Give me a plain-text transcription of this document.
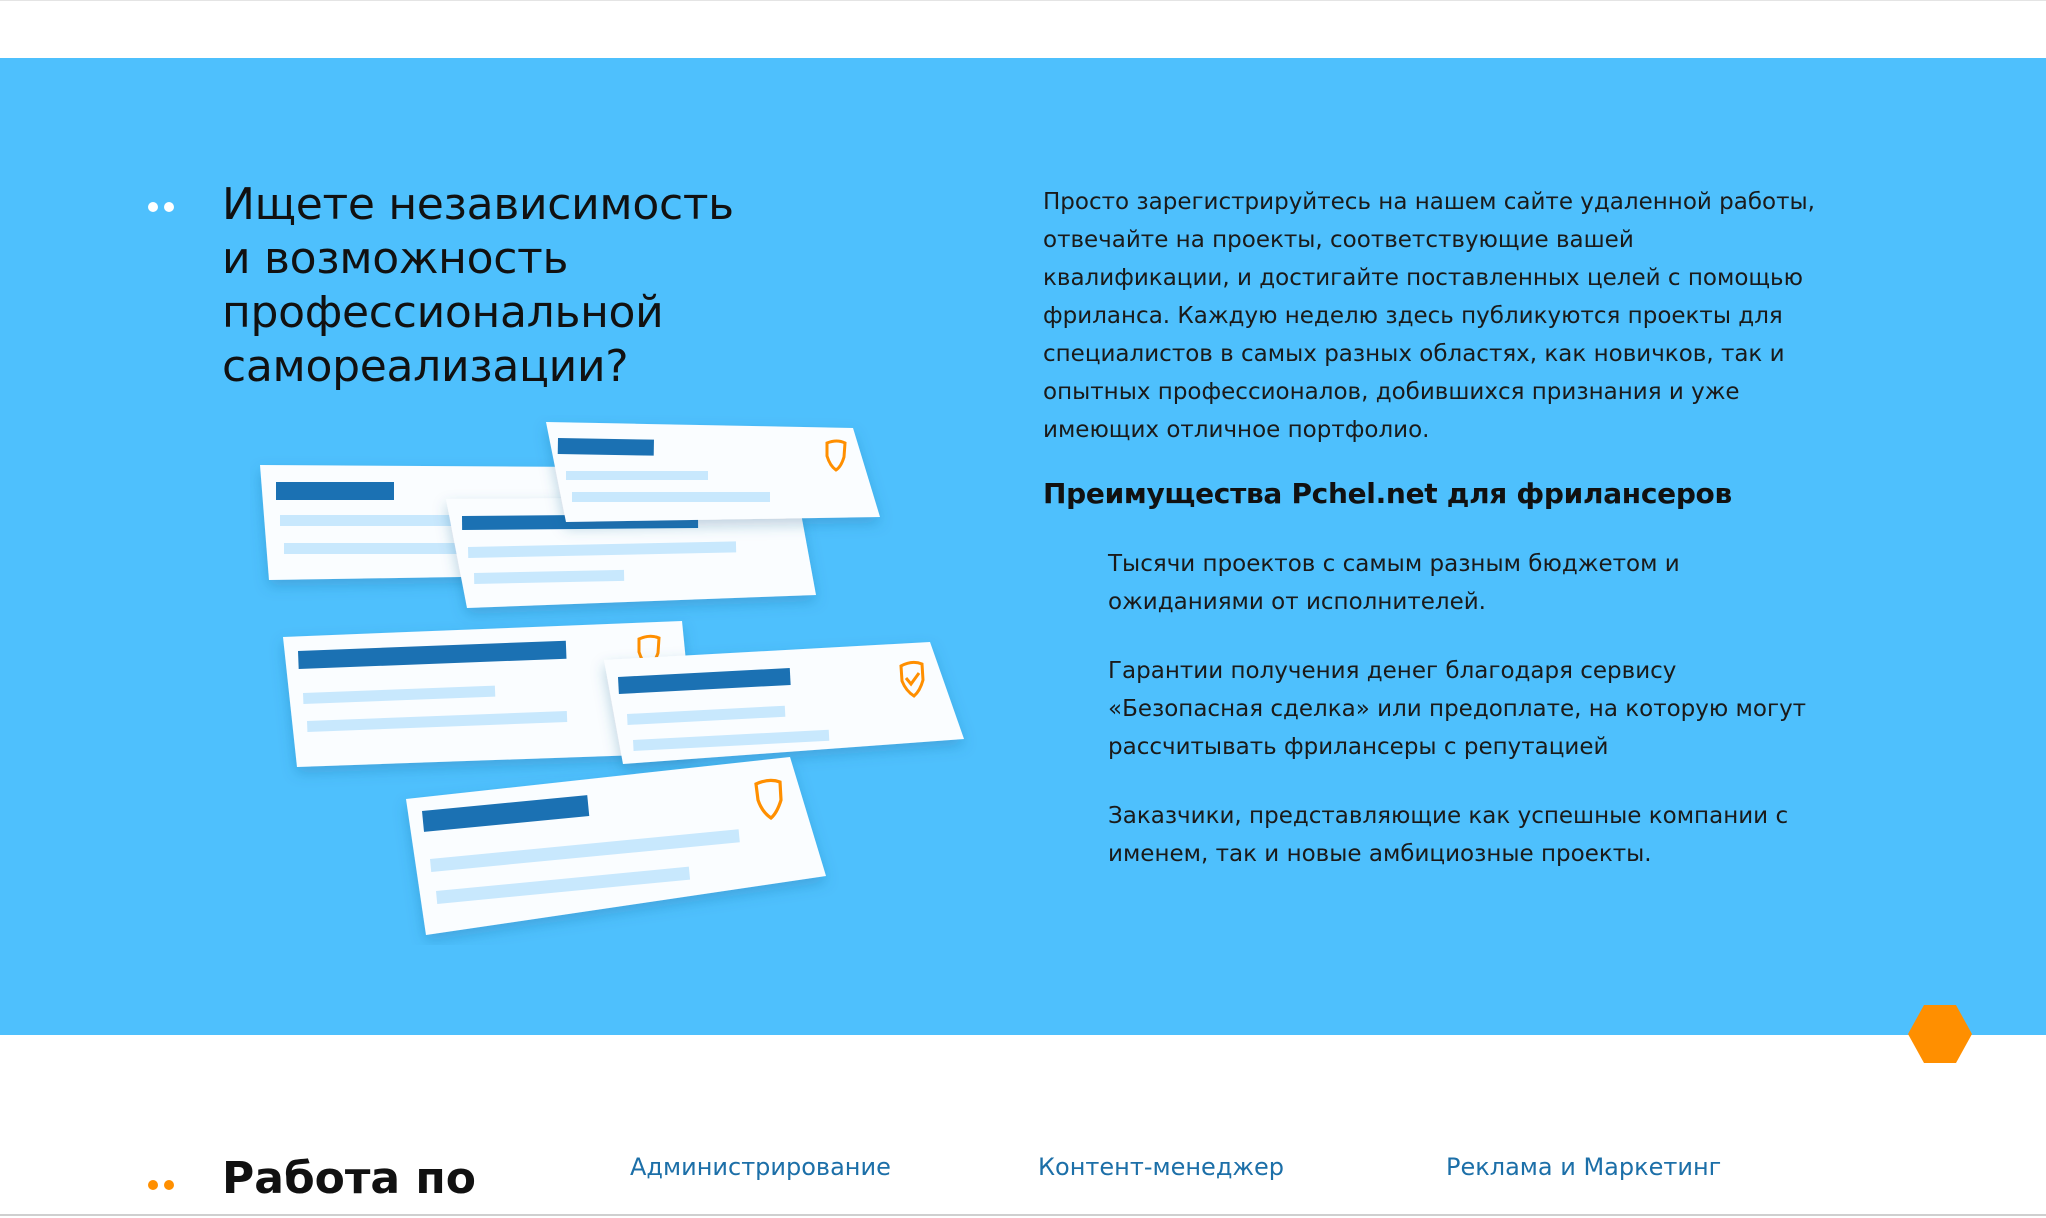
Ищете независимость и возможность профессиональной самореализации?

Просто зарегистрируйтесь на нашем сайте удаленной работы, отвечайте на проекты, соответствующие вашей квалификации, и достигайте поставленных целей с помощью фриланса. Каждую неделю здесь публикуются проекты для специалистов в самых разных областях, как новичков, так и опытных профессионалов, добившихся признания и уже имеющих отличное портфолио.

Преимущества Pchel.net для фрилансеров

Тысячи проектов с самым разным бюджетом и ожиданиями от исполнителей.

Гарантии получения денег благодаря сервису «Безопасная сделка» или предоплате, на которую могут рассчитывать фрилансеры с репутацией

Заказчики, представляющие как успешные компании с именем, так и новые амбициозные проекты.

Работа по	Администрирование	Контент-менеджер	Реклама и Маркетинг
